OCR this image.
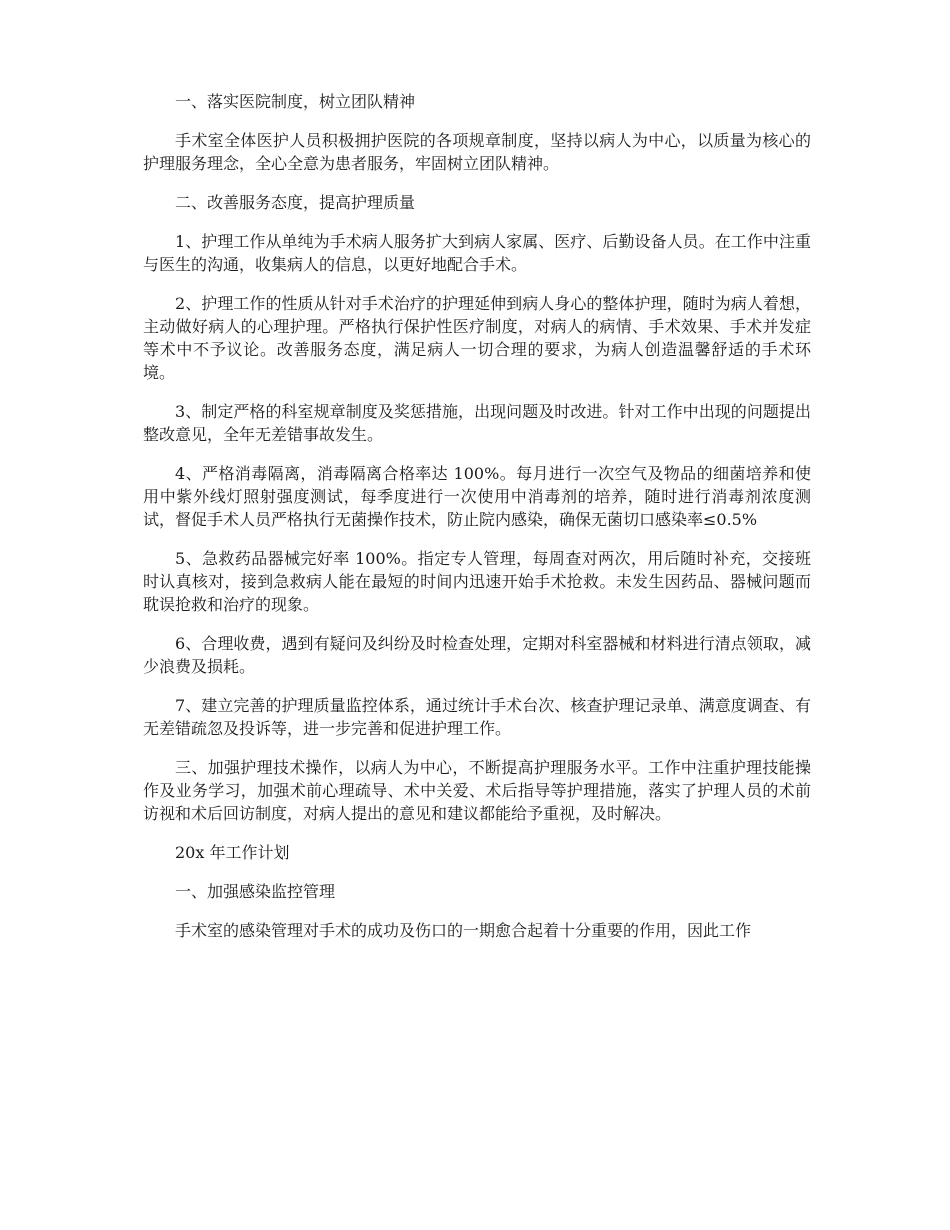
一、落实医院制度，树立团队精神

手术室全体医护人员积极拥护医院的各项规章制度，坚持以病人为中心，以质量为核心的护理服务理念，全心全意为患者服务，牢固树立团队精神。

二、改善服务态度，提高护理质量

1、护理工作从单纯为手术病人服务扩大到病人家属、医疗、后勤设备人员。在工作中注重与医生的沟通，收集病人的信息，以更好地配合手术。

2、护理工作的性质从针对手术治疗的护理延伸到病人身心的整体护理，随时为病人着想，主动做好病人的心理护理。严格执行保护性医疗制度，对病人的病情、手术效果、手术并发症等术中不予议论。改善服务态度，满足病人一切合理的要求，为病人创造温馨舒适的手术环境。

3、制定严格的科室规章制度及奖惩措施，出现问题及时改进。针对工作中出现的问题提出整改意见，全年无差错事故发生。

4、严格消毒隔离，消毒隔离合格率达 100%。每月进行一次空气及物品的细菌培养和使用中紫外线灯照射强度测试，每季度进行一次使用中消毒剂的培养，随时进行消毒剂浓度测试，督促手术人员严格执行无菌操作技术，防止院内感染，确保无菌切口感染率≤0.5%

5、急救药品器械完好率 100%。指定专人管理，每周查对两次，用后随时补充，交接班时认真核对，接到急救病人能在最短的时间内迅速开始手术抢救。未发生因药品、器械问题而耽误抢救和治疗的现象。

6、合理收费，遇到有疑问及纠纷及时检查处理，定期对科室器械和材料进行清点领取，减少浪费及损耗。

7、建立完善的护理质量监控体系，通过统计手术台次、核查护理记录单、满意度调查、有无差错疏忽及投诉等，进一步完善和促进护理工作。

三、加强护理技术操作，以病人为中心，不断提高护理服务水平。工作中注重护理技能操作及业务学习，加强术前心理疏导、术中关爱、术后指导等护理措施，落实了护理人员的术前访视和术后回访制度，对病人提出的意见和建议都能给予重视，及时解决。

20x 年工作计划

一、加强感染监控管理

手术室的感染管理对手术的成功及伤口的一期愈合起着十分重要的作用，因此工作
